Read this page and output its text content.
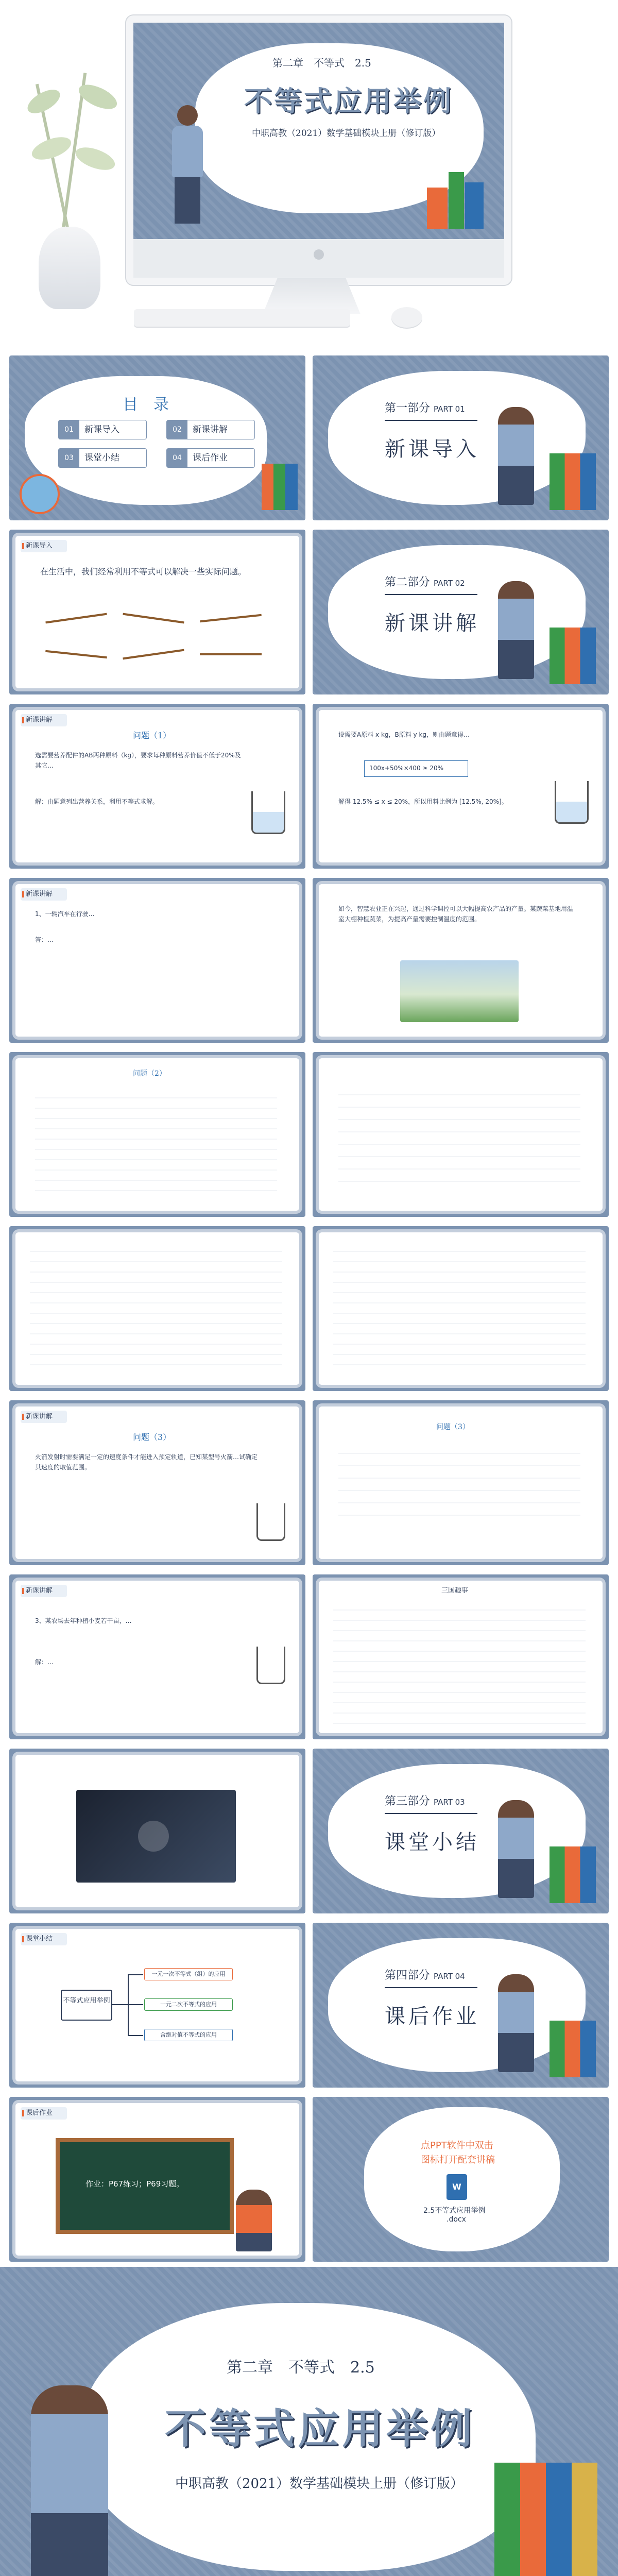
第二章　不等式　2.5
不等式应用举例
中职高教（2021）数学基础模块上册（修订版）
目　录
01	新课导入	02	新课讲解
03	课堂小结	04	课后作业
第一部分 PART 01
新课导入
新课导入
在生活中，我们经常利用不等式可以解决一些实际问题。
第二部分 PART 02
新课讲解
新课讲解
问题（1）
选需要营养配件的AB两种原料（kg），要求每种原料营养价值不低于20%及其它…
解：由题意列出营养关系，利用不等式求解。
设需要A原料 x kg，B原料 y kg，则由题意得…
100x+50%×400 ≥ 20%
解得 12.5% ≤ x ≤ 20%，所以用料比例为 [12.5%, 20%]。
新课讲解
1、一辆汽车在行驶…
答：…
如今，智慧农业正在兴起，通过科学调控可以大幅提高农产品的产量。某蔬菜基地用温室大棚种植蔬菜，为提高产量需要控制温度的范围。
问题（2）
新课讲解
问题（3）
火箭发射时需要满足一定的速度条件才能进入预定轨道，已知某型号火箭…试确定其速度的取值范围。
问题（3）
新课讲解
3、某农场去年种植小麦若干亩，…
解：…
三国趣事
第三部分 PART 03
课堂小结
课堂小结
不等式应用举例
一元一次不等式（组）的应用
一元二次不等式的应用
含绝对值不等式的应用
第四部分 PART 04
课后作业
课后作业
作业：P67练习；P69习题。
点PPT软件中双击
图标打开配套讲稿
W
2.5不等式应用举例
.docx
第二章　不等式　2.5
不等式应用举例
中职高教（2021）数学基础模块上册（修订版）
